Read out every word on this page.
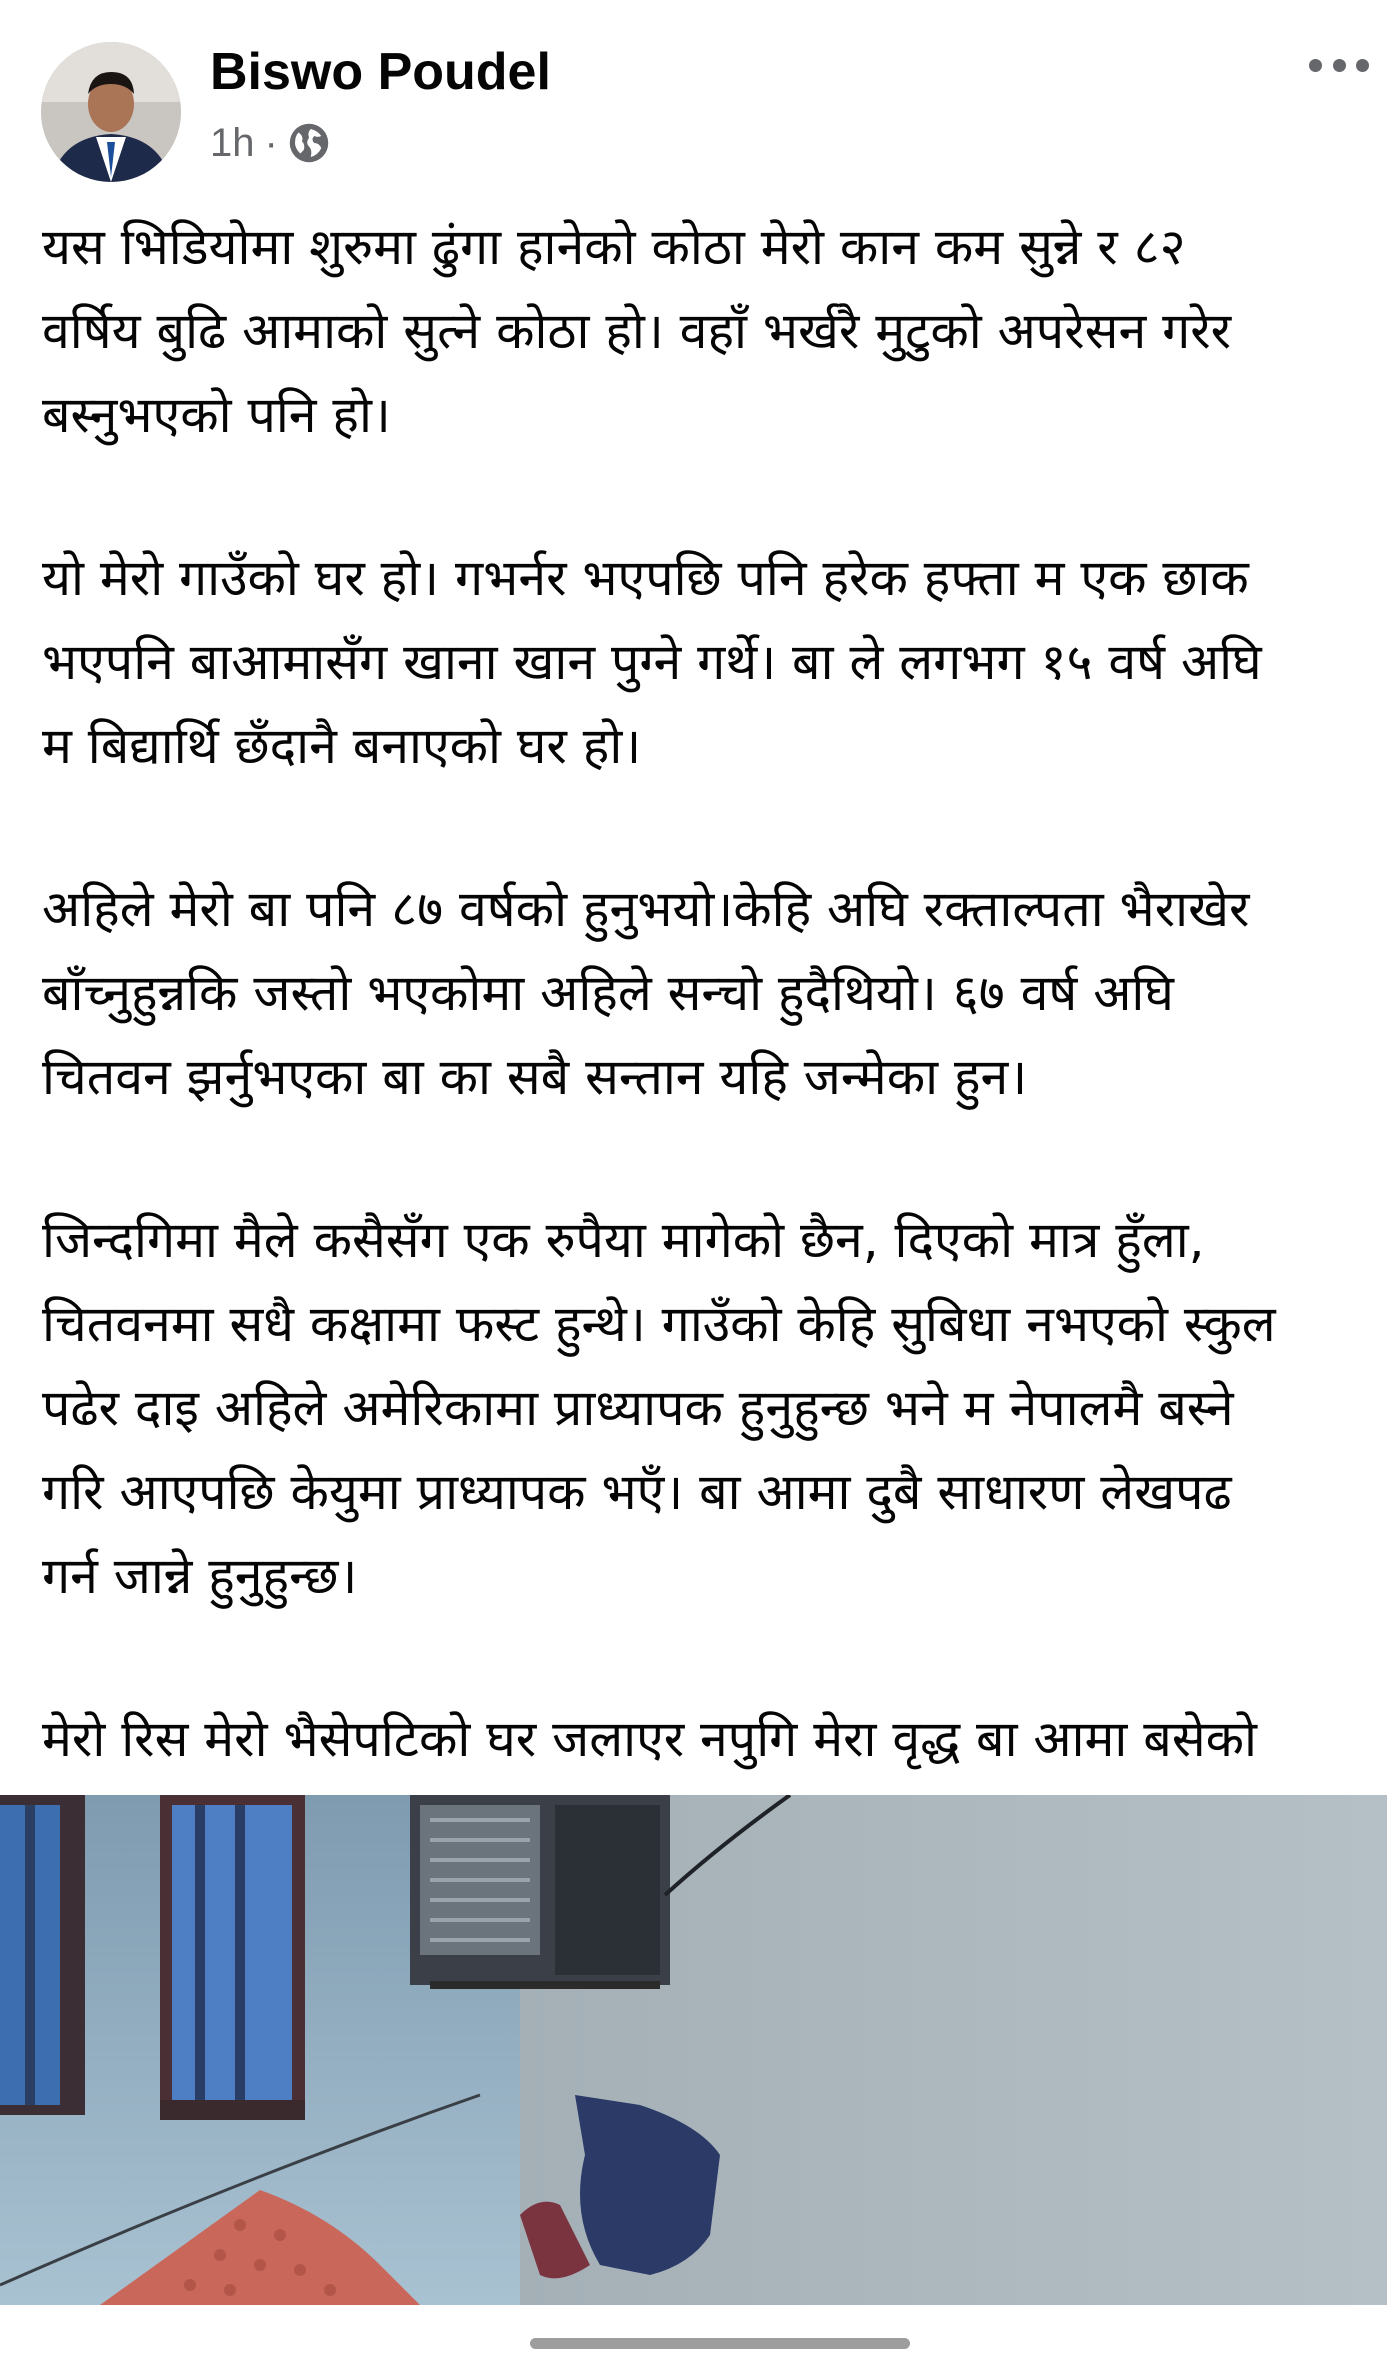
Biswo Poudel
1h ·

यस भिडियोमा शुरुमा ढुंगा हानेको कोठा मेरो कान कम सुन्ने र ८२
वर्षिय बुढि आमाको सुत्ने कोठा हो। वहाँ भर्खरै मुटुको अपरेसन गरेर
बस्नुभएको पनि हो।

यो मेरो गाउँको घर हो। गभर्नर भएपछि पनि हरेक हफ्ता म एक छाक
भएपनि बाआमासँग खाना खान पुग्ने गर्थे। बा ले लगभग १५ वर्ष अघि
म बिद्यार्थि छँदानै बनाएको घर हो।

अहिले मेरो बा पनि ८७ वर्षको हुनुभयो।केहि अघि रक्ताल्पता भैराखेर
बाँच्नुहुन्नकि जस्तो भएकोमा अहिले सन्चो हुदैथियो। ६७ वर्ष अघि
चितवन झर्नुभएका बा का सबै सन्तान यहि जन्मेका हुन।

जिन्दगिमा मैले कसैसँग एक रुपैया मागेको छैन, दिएको मात्र हुँला,
चितवनमा सधै कक्षामा फस्ट हुन्थे। गाउँको केहि सुबिधा नभएको स्कुल
पढेर दाइ अहिले अमेरिकामा प्राध्यापक हुनुहुन्छ भने म नेपालमै बस्ने
गरि आएपछि केयुमा प्राध्यापक भएँ। बा आमा दुबै साधारण लेखपढ
गर्न जान्ने हुनुहुन्छ।

मेरो रिस मेरो भैसेपटिको घर जलाएर नपुगि मेरा वृद्ध बा आमा बसेको
